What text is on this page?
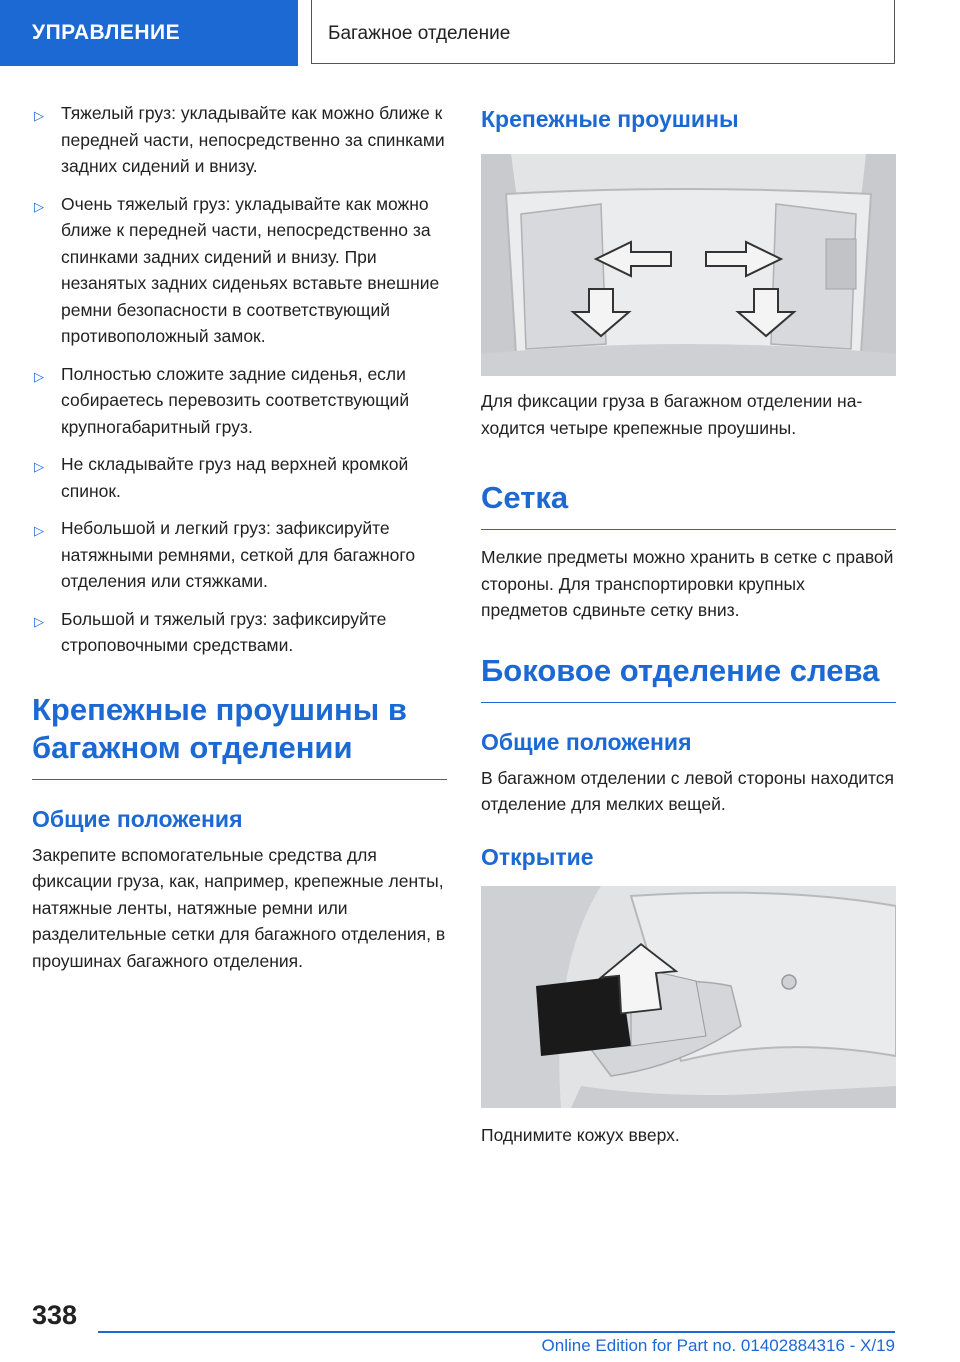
УПРАВЛЕНИЕ	Багажное отделение
▷ Тяжелый груз: укладывайте как можно ближе к передней части, непосредственно за спинками задних сидений и внизу.
▷ Очень тяжелый груз: укладывайте как можно ближе к передней части, непосредственно за спинками задних сидений и внизу. При незанятых задних сиденьях вставьте внешние ремни безопасности в соответствующий противоположный замок.
▷ Полностью сложите задние сиденья, если собираетесь перевозить соответствующий крупногабаритный груз.
▷ Не складывайте груз над верхней кромкой спинок.
▷ Небольшой и легкий груз: зафиксируйте натяжными ремнями, сеткой для багажного отделения или стяжками.
▷ Большой и тяжелый груз: зафиксируйте строповочными средствами.
Крепежные проушины в багажном отделении
Общие положения

Закрепите вспомогательные средства для фиксации груза, как, например, крепежные ленты, натяжные ленты, натяжные ремни или разделительные сетки для багажного отделения, в проушинах багажного отделения.

Крепежные проушины

Для фиксации груза в багажном отделении находится четыре крепежные проушины.

Сетка

Мелкие предметы можно хранить в сетке с правой стороны. Для транспортировки крупных предметов сдвиньте сетку вниз.

Боковое отделение слева
Общие положения

В багажном отделении с левой стороны находится отделение для мелких вещей.

Открытие

Поднимите кожух вверх.

338
Online Edition for Part no. 01402884316 - X/19
